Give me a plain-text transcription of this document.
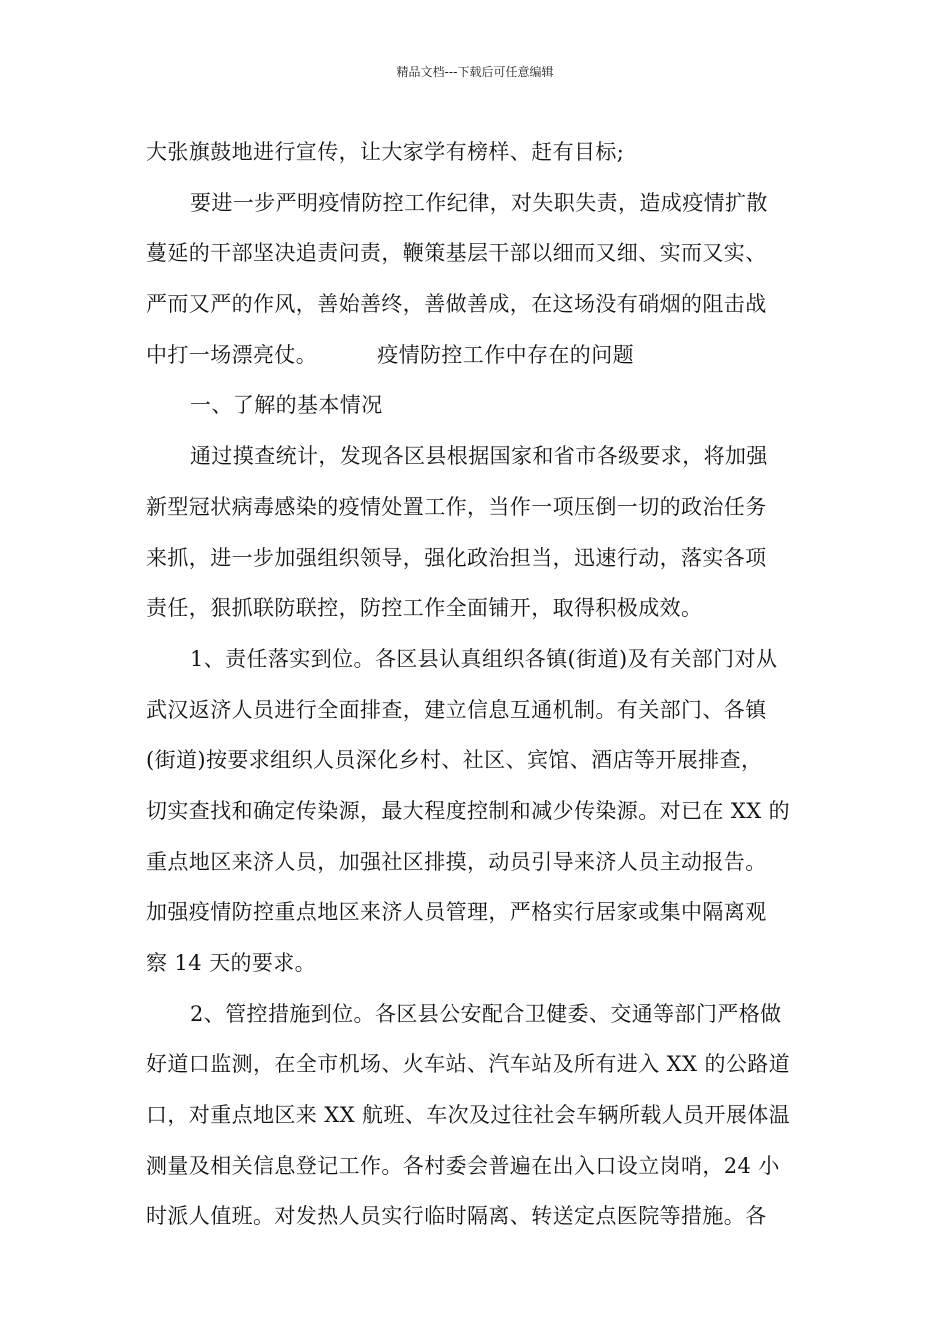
精品文档---下载后可任意编辑
大张旗鼓地进行宣传，让大家学有榜样、赶有目标;
要进一步严明疫情防控工作纪律，对失职失责，造成疫情扩散
蔓延的干部坚决追责问责，鞭策基层干部以细而又细、实而又实、
严而又严的作风，善始善终，善做善成，在这场没有硝烟的阻击战
中打一场漂亮仗。	疫情防控工作中存在的问题
一、了解的基本情况
通过摸查统计，发现各区县根据国家和省市各级要求，将加强
新型冠状病毒感染的疫情处置工作，当作一项压倒一切的政治任务
来抓，进一步加强组织领导，强化政治担当，迅速行动，落实各项
责任，狠抓联防联控，防控工作全面铺开，取得积极成效。
1、责任落实到位。各区县认真组织各镇(街道)及有关部门对从
武汉返济人员进行全面排查，建立信息互通机制。有关部门、各镇
(街道)按要求组织人员深化乡村、社区、宾馆、酒店等开展排查，
切实查找和确定传染源，最大程度控制和减少传染源。对已在 XX 的
重点地区来济人员，加强社区排摸，动员引导来济人员主动报告。
加强疫情防控重点地区来济人员管理，严格实行居家或集中隔离观
察 14 天的要求。
2、管控措施到位。各区县公安配合卫健委、交通等部门严格做
好道口监测，在全市机场、火车站、汽车站及所有进入 XX 的公路道
口，对重点地区来 XX 航班、车次及过往社会车辆所载人员开展体温
测量及相关信息登记工作。各村委会普遍在出入口设立岗哨，24 小
时派人值班。对发热人员实行临时隔离、转送定点医院等措施。各
